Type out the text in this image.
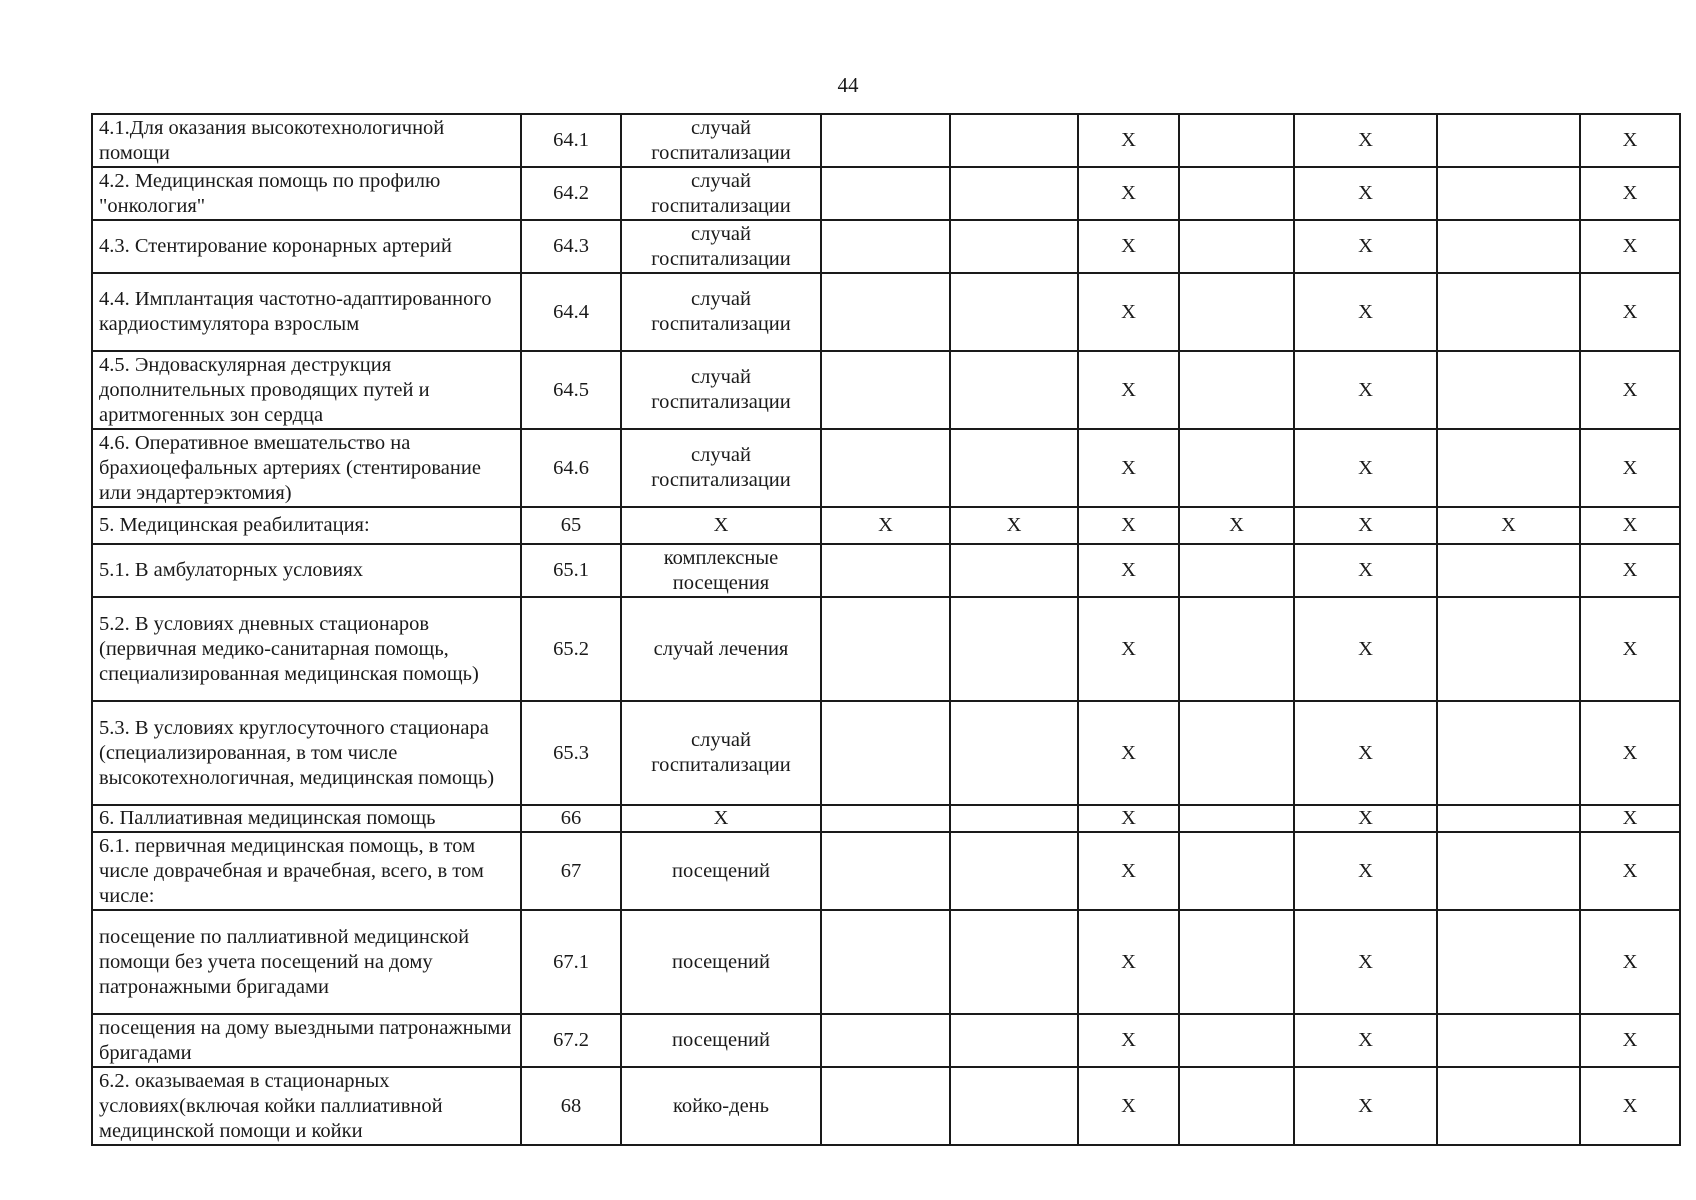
44
4.1.Для оказания высокотехнологичной помощи	64.1	случай госпитализации			Х		Х		Х
4.2. Медицинская помощь по профилю "онкология"	64.2	случай госпитализации			Х		Х		Х
4.3. Стентирование коронарных артерий	64.3	случай госпитализации			Х		Х		Х
4.4. Имплантация частотно-адаптированного кардиостимулятора взрослым	64.4	случай госпитализации			Х		Х		Х
4.5. Эндоваскулярная деструкция дополнительных проводящих путей и аритмогенных зон сердца	64.5	случай госпитализации			Х		Х		Х
4.6. Оперативное вмешательство на брахиоцефальных артериях (стентирование или эндартерэктомия)	64.6	случай госпитализации			Х		Х		Х
5. Медицинская реабилитация:	65	Х	Х	Х	Х	Х	Х	Х	Х
5.1. В амбулаторных условиях	65.1	комплексные посещения			Х		Х		Х
5.2. В условиях дневных стационаров (первичная медико-санитарная помощь, специализированная медицинская помощь)	65.2	случай лечения			Х		Х		Х
5.3. В условиях круглосуточного стационара (специализированная, в том числе высокотехнологичная, медицинская помощь)	65.3	случай госпитализации			Х		Х		Х
6. Паллиативная медицинская помощь	66	Х			Х		Х		Х
6.1. первичная медицинская помощь, в том числе доврачебная и врачебная, всего, в том числе:	67	посещений			Х		Х		Х
посещение по паллиативной медицинской помощи без учета посещений на дому патронажными бригадами	67.1	посещений			Х		Х		Х
посещения на дому выездными патронажными бригадами	67.2	посещений			Х		Х		Х
6.2. оказываемая в стационарных условиях(включая койки паллиативной медицинской помощи и койки	68	койко-день			Х		Х		Х
